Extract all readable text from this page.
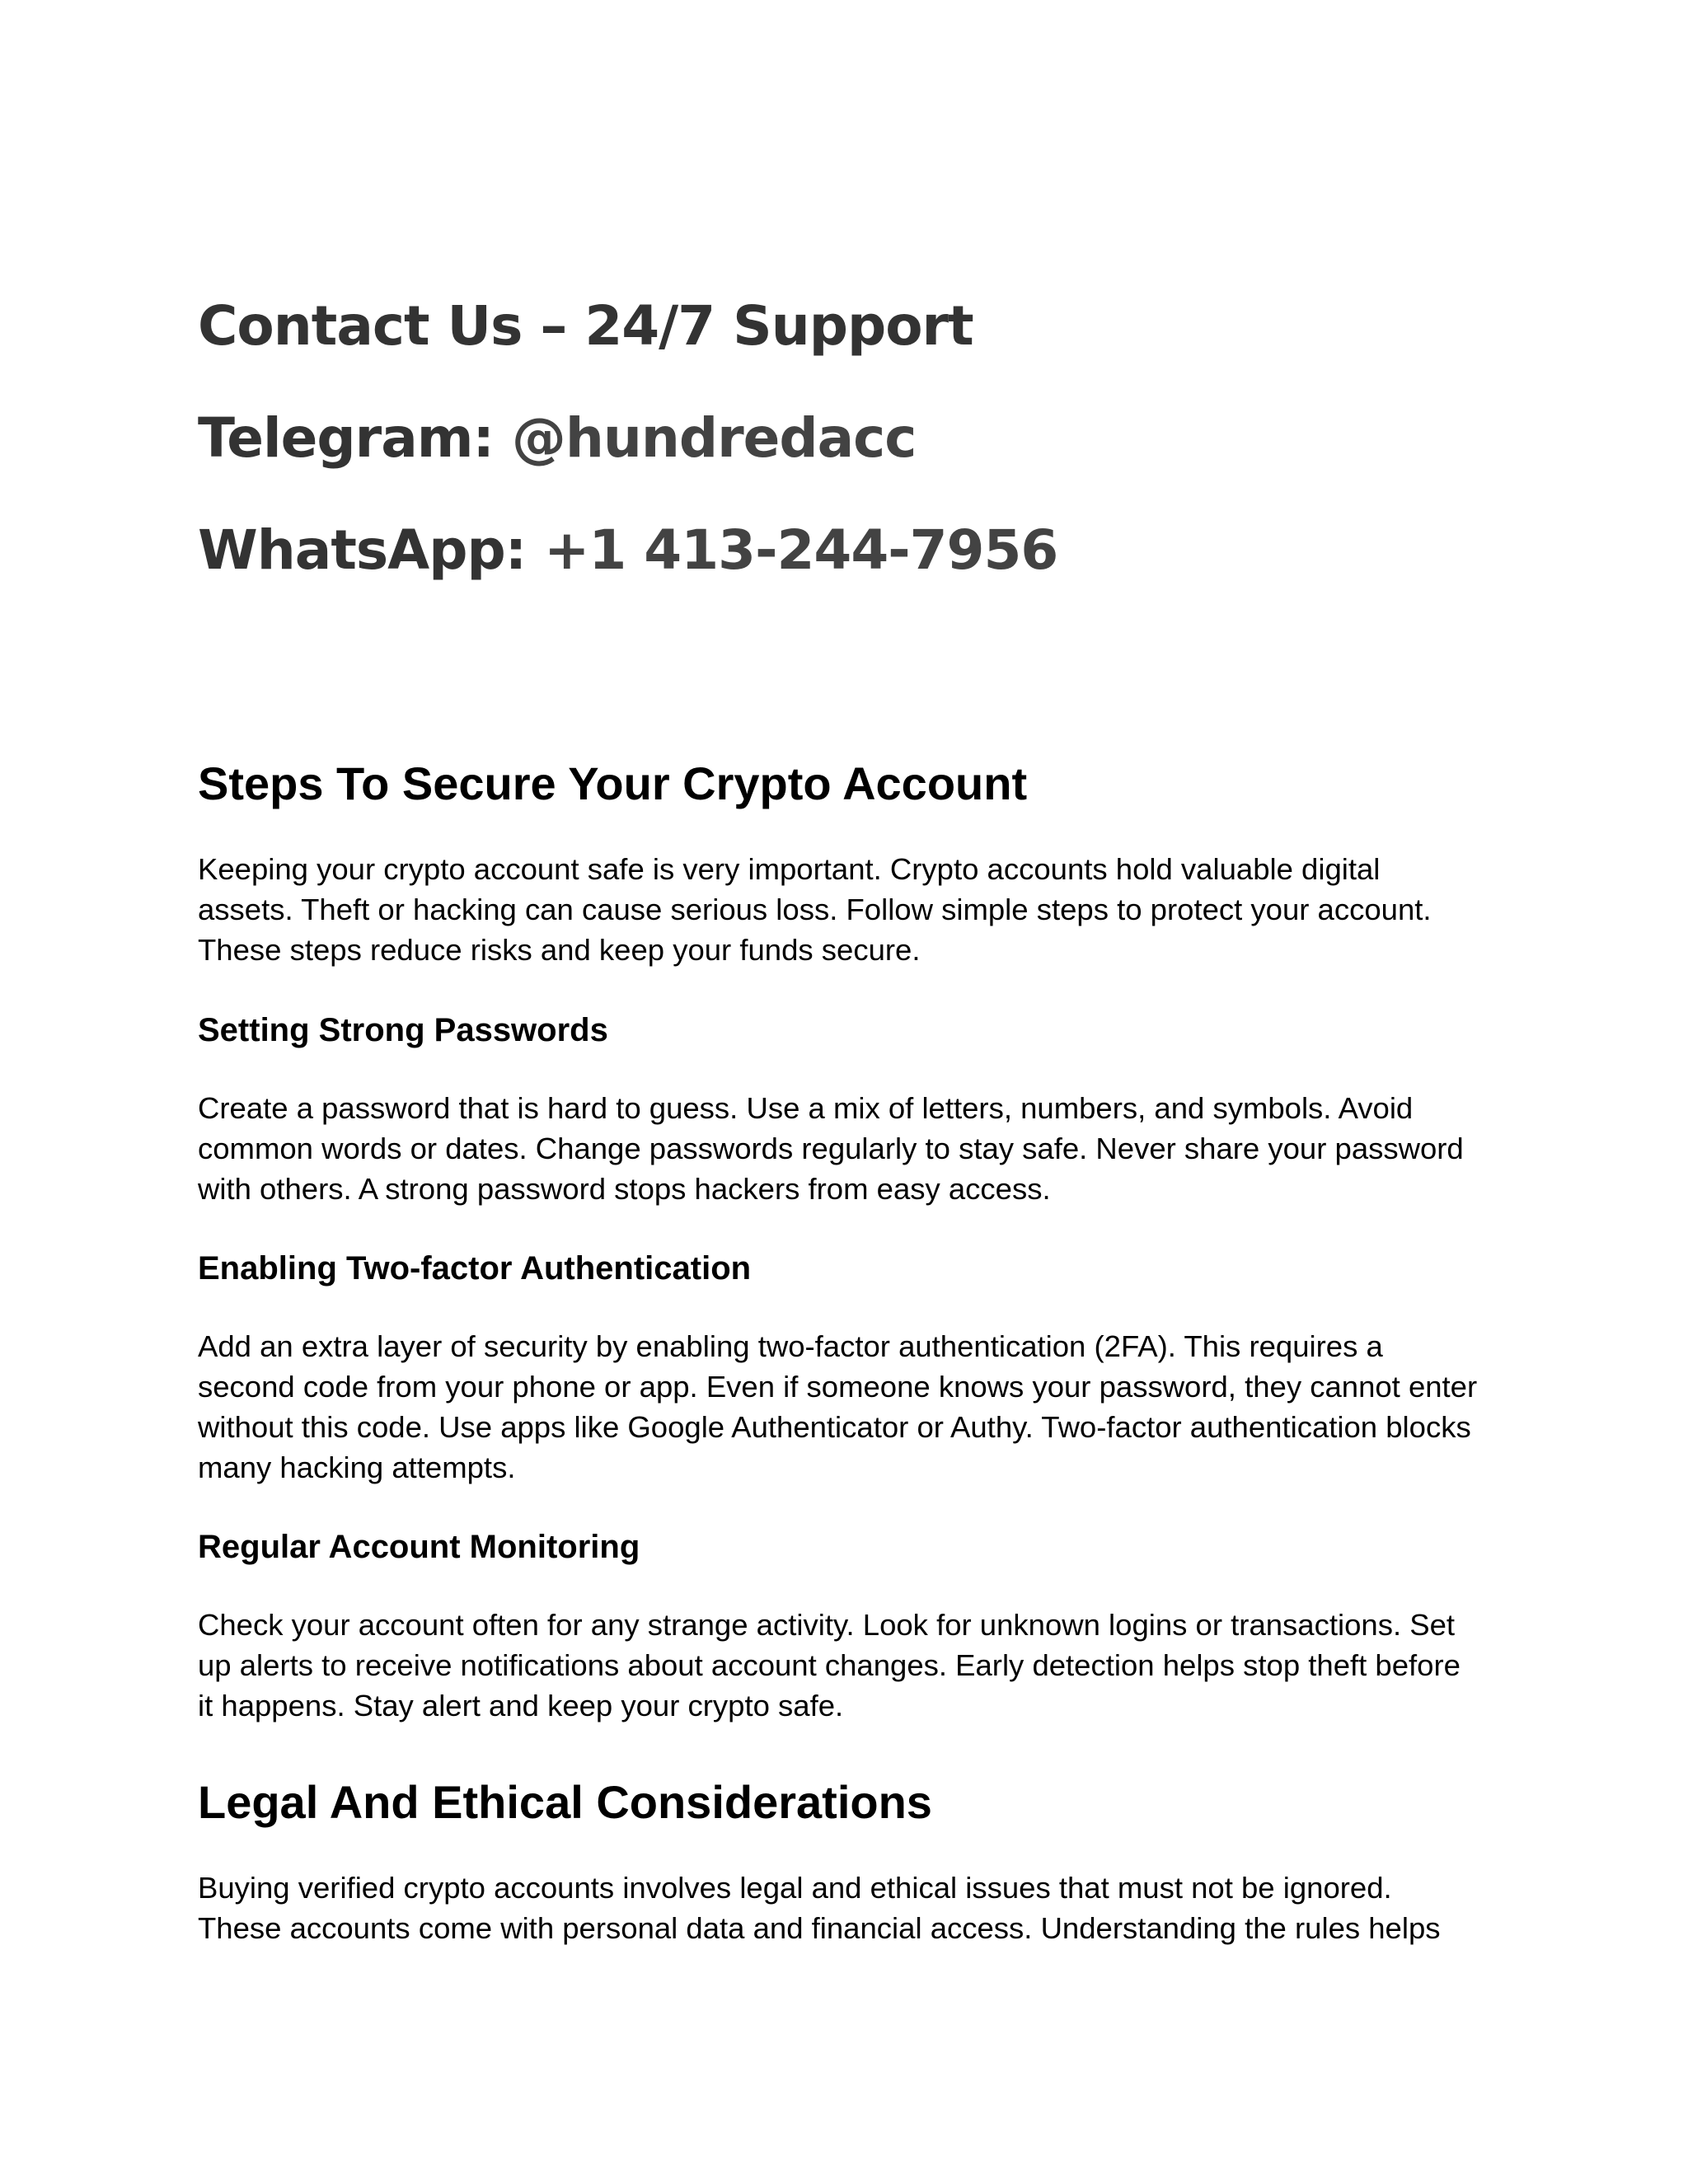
Contact Us – 24/7 Support
Telegram: @hundredacc
WhatsApp: +1 413-244-7956
Steps To Secure Your Crypto Account
Keeping your crypto account safe is very important. Crypto accounts hold valuable digital
assets. Theft or hacking can cause serious loss. Follow simple steps to protect your account.
These steps reduce risks and keep your funds secure.
Setting Strong Passwords
Create a password that is hard to guess. Use a mix of letters, numbers, and symbols. Avoid
common words or dates. Change passwords regularly to stay safe. Never share your password
with others. A strong password stops hackers from easy access.
Enabling Two-factor Authentication
Add an extra layer of security by enabling two-factor authentication (2FA). This requires a
second code from your phone or app. Even if someone knows your password, they cannot enter
without this code. Use apps like Google Authenticator or Authy. Two-factor authentication blocks
many hacking attempts.
Regular Account Monitoring
Check your account often for any strange activity. Look for unknown logins or transactions. Set
up alerts to receive notifications about account changes. Early detection helps stop theft before
it happens. Stay alert and keep your crypto safe.
Legal And Ethical Considerations
Buying verified crypto accounts involves legal and ethical issues that must not be ignored.
These accounts come with personal data and financial access. Understanding the rules helps
